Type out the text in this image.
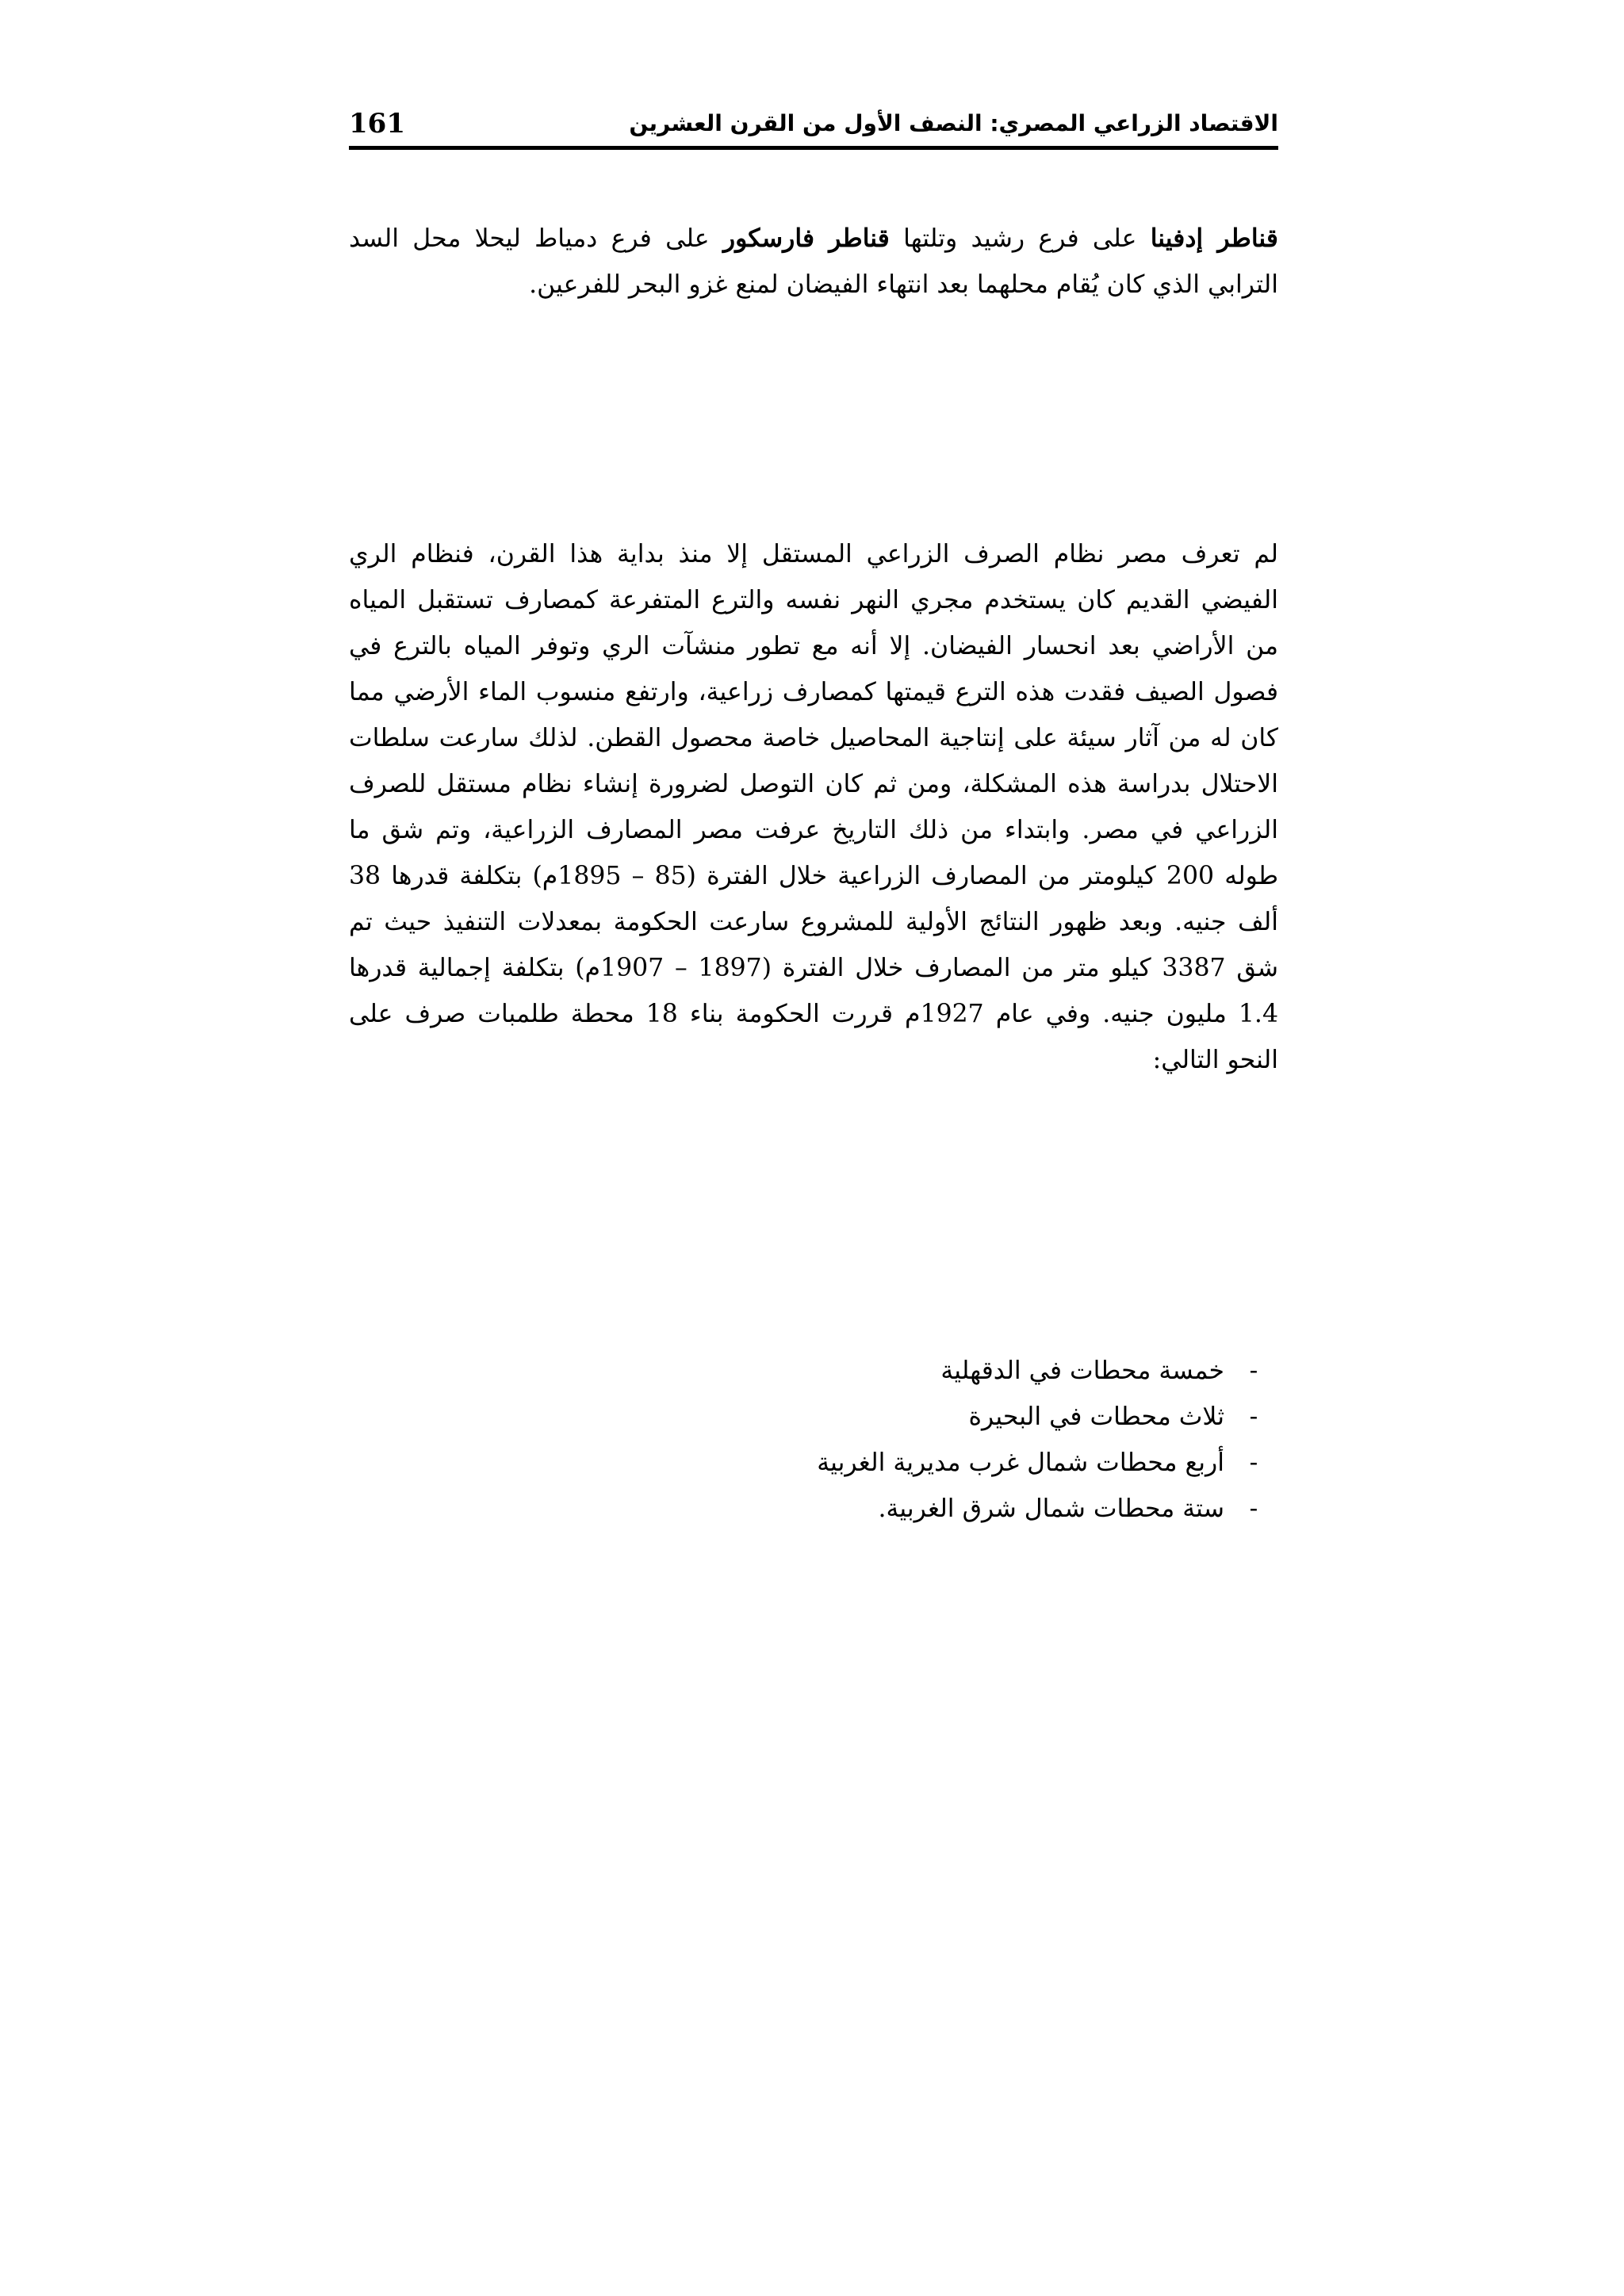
161	الاقتصاد الزراعي المصري: النصف الأول من القرن العشرين

قناطر إدفينا على فرع رشيد وتلتها قناطر فارسكور على فرع دمياط ليحلا محل السد الترابي الذي كان يُقام محلهما بعد انتهاء الفيضان لمنع غزو البحر للفرعين.

لم تعرف مصر نظام الصرف الزراعي المستقل إلا منذ بداية هذا القرن، فنظام الري الفيضي القديم كان يستخدم مجري النهر نفسه والترع المتفرعة كمصارف تستقبل المياه من الأراضي بعد انحسار الفيضان. إلا أنه مع تطور منشآت الري وتوفر المياه بالترع في فصول الصيف فقدت هذه الترع قيمتها كمصارف زراعية، وارتفع منسوب الماء الأرضي مما كان له من آثار سيئة على إنتاجية المحاصيل خاصة محصول القطن. لذلك سارعت سلطات الاحتلال بدراسة هذه المشكلة، ومن ثم كان التوصل لضرورة إنشاء نظام مستقل للصرف الزراعي في مصر. وابتداء من ذلك التاريخ عرفت مصر المصارف الزراعية، وتم شق ما طوله 200 كيلومتر من المصارف الزراعية خلال الفترة (85 – 1895م) بتكلفة قدرها 38 ألف جنيه. وبعد ظهور النتائج الأولية للمشروع سارعت الحكومة بمعدلات التنفيذ حيث تم شق 3387 كيلو متر من المصارف خلال الفترة (1897 – 1907م) بتكلفة إجمالية قدرها 1.4 مليون جنيه. وفي عام 1927م قررت الحكومة بناء 18 محطة طلمبات صرف على النحو التالي:

-
خمسة محطات في الدقهلية
-
ثلاث محطات في البحيرة
-
أربع محطات شمال غرب مديرية الغربية
-
ستة محطات شمال شرق الغربية.
